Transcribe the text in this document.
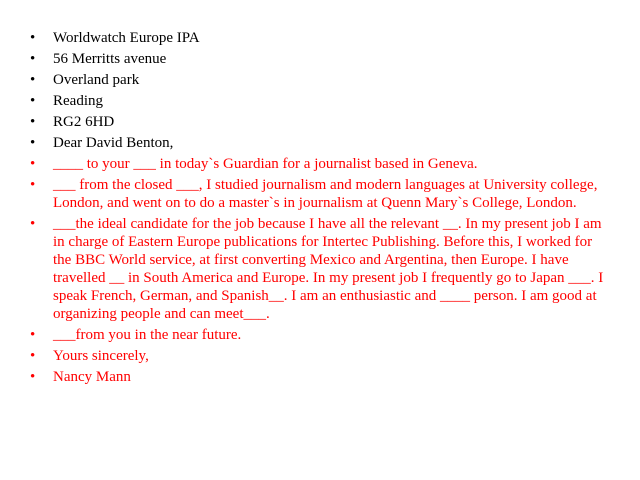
• Worldwatch Europe IPA
• 56 Merritts avenue
• Overland park
• Reading
• RG2 6HD
• Dear David Benton,
• ____ to your ___ in today`s Guardian for a journalist based in Geneva.
• ___ from the closed ___, I studied journalism and modern languages at University college, London, and went on to do a master`s in journalism at Quenn Mary`s College, London.
• ___the ideal candidate for the job because I have all the relevant __. In my present job I am in charge of Eastern Europe publications for Intertec Publishing. Before this, I worked for the BBC World service, at first converting Mexico and Argentina, then Europe. I have travelled __ in South America and Europe. In my present job I frequently go to Japan ___. I speak French, German, and Spanish__. I am an enthusiastic and ____ person. I am good at organizing people and can meet___.
• ___from you in the near future.
• Yours sincerely,
• Nancy Mann
